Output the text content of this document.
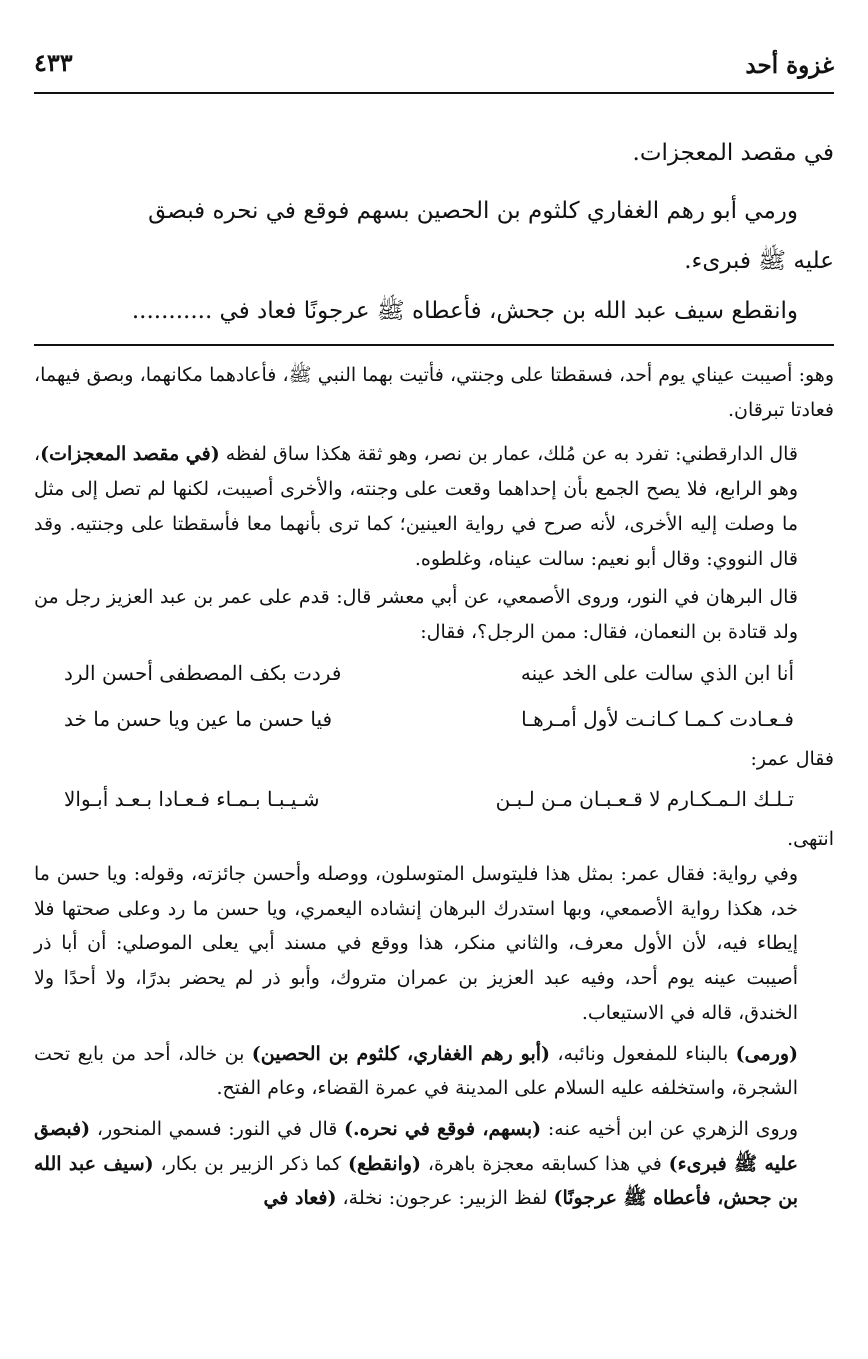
غزوة أحد
٤٣٣
في مقصد المعجزات.
ورمي أبو رهم الغفاري كلثوم بن الحصين بسهم فوقع في نحره فبصق
عليه ﷺ فبرىء.
وانقطع سيف عبد الله بن جحش، فأعطاه ﷺ عرجونًا فعاد في ...........

وهو: أصيبت عيناي يوم أحد، فسقطتا على وجنتي، فأتيت بهما النبي ﷺ، فأعادهما مكانهما، وبصق فيهما، فعادتا تبرقان.

قال الدارقطني: تفرد به عن مُلك، عمار بن نصر، وهو ثقة هكذا ساق لفظه (في مقصد المعجزات)، وهو الرابع، فلا يصح الجمع بأن إحداهما وقعت على وجنته، والأخرى أصيبت، لكنها لم تصل إلى مثل ما وصلت إليه الأخرى، لأنه صرح في رواية العينين؛ كما ترى بأنهما معا فأسقطتا على وجنتيه. وقد قال النووي: وقال أبو نعيم: سالت عيناه، وغلطوه.

قال البرهان في النور، وروى الأصمعي، عن أبي معشر قال: قدم على عمر بن عبد العزيز رجل من ولد قتادة بن النعمان، فقال: ممن الرجل؟، فقال:

أنا ابن الذي سالت على الخد عينه
فردت بكف المصطفى أحسن الرد
فـعـادت كـمـا كـانـت لأول أمـرهـا
فيا حسن ما عين ويا حسن ما خد

فقال عمر:

تـلـك الـمـكـارم لا قـعـبـان مـن لـبـن
شـيـبـا بـمـاء فـعـادا بـعـد أبـوالا

انتهى.

وفي رواية: فقال عمر: بمثل هذا فليتوسل المتوسلون، ووصله وأحسن جائزته، وقوله: ويا حسن ما خد، هكذا رواية الأصمعي، وبها استدرك البرهان إنشاده اليعمري، ويا حسن ما رد وعلى صحتها فلا إيطاء فيه، لأن الأول معرف، والثاني منكر، هذا ووقع في مسند أبي يعلى الموصلي: أن أبا ذر أصيبت عينه يوم أحد، وفيه عبد العزيز بن عمران متروك، وأبو ذر لم يحضر بدرًا، ولا أحدًا ولا الخندق، قاله في الاستيعاب.

(ورمى) بالبناء للمفعول ونائبه، (أبو رهم الغفاري، كلثوم بن الحصين) بن خالد، أحد من بايع تحت الشجرة، واستخلفه عليه السلام على المدينة في عمرة القضاء، وعام الفتح.

وروى الزهري عن ابن أخيه عنه: (بسهم، فوقع في نحره.) قال في النور: فسمي المنحور، (فبصق عليه ﷺ فبرىء) في هذا كسابقه معجزة باهرة، (وانقطع) كما ذكر الزبير بن بكار، (سيف عبد الله بن جحش، فأعطاه ﷺ عرجونًا) لفظ الزبير: عرجون: نخلة، (فعاد في
